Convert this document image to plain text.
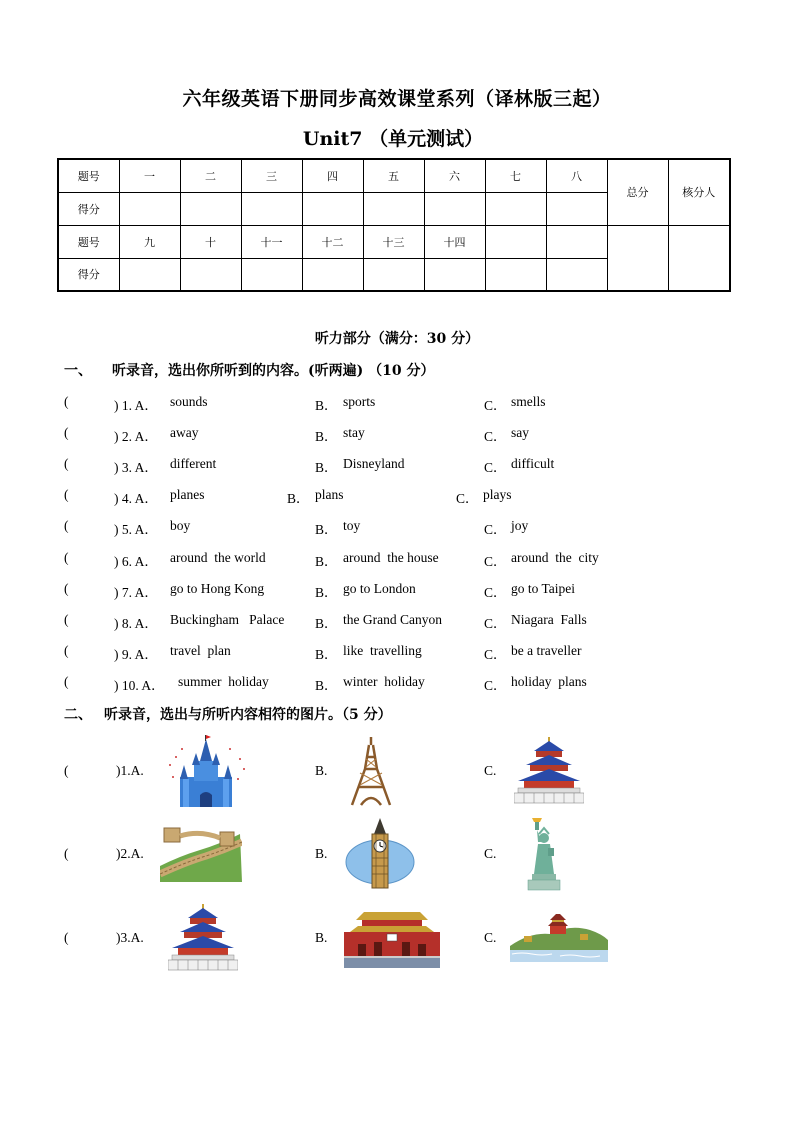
六年级英语下册同步高效课堂系列（译林版三起）
Unit7 （单元测试）
题号	一	二	三	四	五	六	七	八	总分	核分人
得分										
题号	九	十	十一	十二	十三	十四				
得分										
听力部分（满分：30 分）
一、 听录音，选出你所听到的内容。(听两遍) （10 分）
(	) 1. A． sounds	B． sports	C． smells
(	) 2. A． away	B． stay	C． say
(	) 3. A． different	B． Disneyland	C． difficult
(	) 4. A． planes	B． plans	C． plays
(	) 5. A． boy	B． toy	C． joy
(	) 6. A． around  the world	B． around  the house	C． around  the  city
(	) 7. A． go to Hong Kong	B． go to London	C． go to Taipei
(	) 8. A． Buckingham   Palace B． the Grand Canyon	C． Niagara  Falls
(	) 9. A． travel  plan	B． like  travelling	C． be a traveller
(	) 10. A． summer  holiday	B． winter  holiday	C． holiday  plans
二、 听录音，选出与所听内容相符的图片。（5 分）
(	)1.A.	B.	C.
(	)2.A.	B.	C.
(	)3.A.	B.	C.
